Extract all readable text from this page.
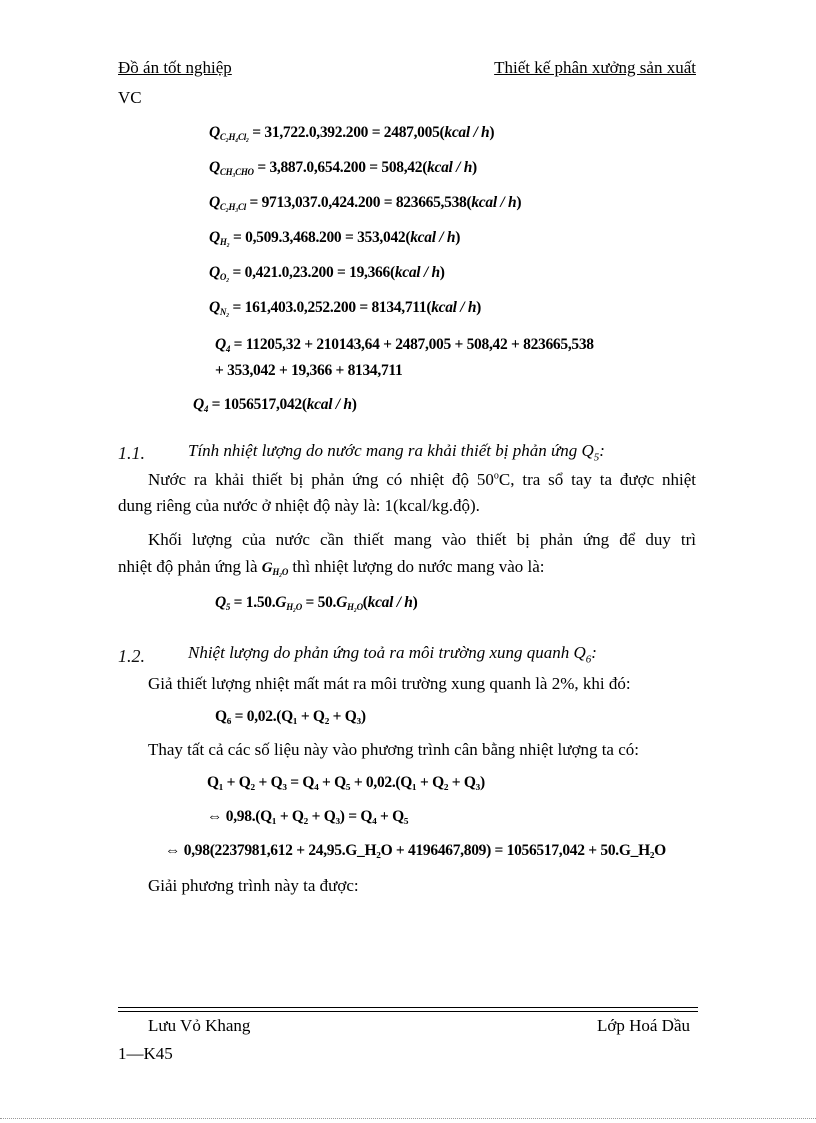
Đồ án tốt nghiệp	Thiết kế phân xưởng sản xuất
VC
$Q_{C_2H_4Cl_2} = 31,722.0,392.200$ = 2487,005(kcal / h)
$Q_{CH_3CHO} = 3,887.0,654.200$ = 508,42(kcal / h)
$Q_{C_2H_3Cl} = 9713,037.0,424.200$ = 823665,538(kcal / h)
$Q_{H_2} = 0,509.3,468.200$ = 353,042(kcal / h)
$Q_{O_2} = 0,421.0,23.200$ = 19,366(kcal / h)
$Q_{N_2} = 161,403.0,252.200$ = 8134,711(kcal / h)
$Q_4 = 11205,32 + 210143,64 + 2487,005 + 508,42 + 823665,538$
+ 353,042 + 19,366 + 8134,711
$Q_4$ = 1056517,042(kcal / h)
1.1.	Tính nhiệt lượng do nước mang ra khải thiết bị phản ứng $Q_5$:
Nước ra khải thiết bị phản ứng có nhiệt độ 50$^o$C, tra sổ tay ta được nhiệt
dung riêng của nước ở nhiệt độ này là: 1(kcal/kg.độ).
Khối lượng của nước cần thiết mang vào thiết bị phản ứng để duy trì
nhiệt độ phản ứng là $G_{H_2O}$ thì nhiệt lượng do nước mang vào là:
$Q_5 = 1.50.G_{H_2O}$ = $50.G_{H_2O}(kcal / h)$
1.2.	Nhiệt lượng do phản ứng toả ra môi trường xung quanh $Q_6$:
Giả thiết lượng nhiệt mất mát ra môi trường xung quanh là 2%, khi đó:
Q₆ = 0,02.(Q₁ + Q₂ + Q₃)
Thay tất cả các số liệu này vào phương trình cân bằng nhiệt lượng ta có:
Q₁ + Q₂ + Q₃ = Q₄ + Q₅ + 0,02.(Q₁ + Q₂ + Q₃)
⇔ 0,98.(Q₁ + Q₂ + Q₃) = Q₄ + Q₅
⇔ 0,98(2237981,612 + 24,95.G_H₂O + 4196467,809) = 1056517,042 + 50.G_H₂O
Giải phương trình này ta được:
Lưu Vỏ Khang	Lớp Hoá Dầu
1—K45
